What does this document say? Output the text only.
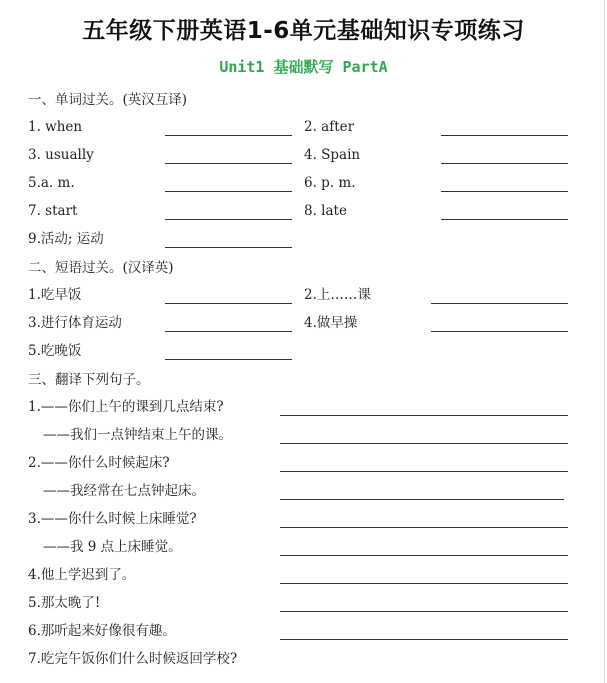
五年级下册英语1-6单元基础知识专项练习
Unit1 基础默写 PartA
一、单词过关。(英汉互译)
1. when	2. after
3. usually	4. Spain
5.a. m.	6. p. m.
7. start	8. late
9.活动; 运动
二、短语过关。(汉译英)
1.吃早饭	2.上……课
3.进行体育运动	4.做早操
5.吃晚饭
三、翻译下列句子。
1.——你们上午的课到几点结束?
——我们一点钟结束上午的课。
2.——你什么时候起床?
——我经常在七点钟起床。
3.——你什么时候上床睡觉?
——我 9 点上床睡觉。
4.他上学迟到了。
5.那太晚了!
6.那听起来好像很有趣。
7.吃完午饭你们什么时候返回学校?
